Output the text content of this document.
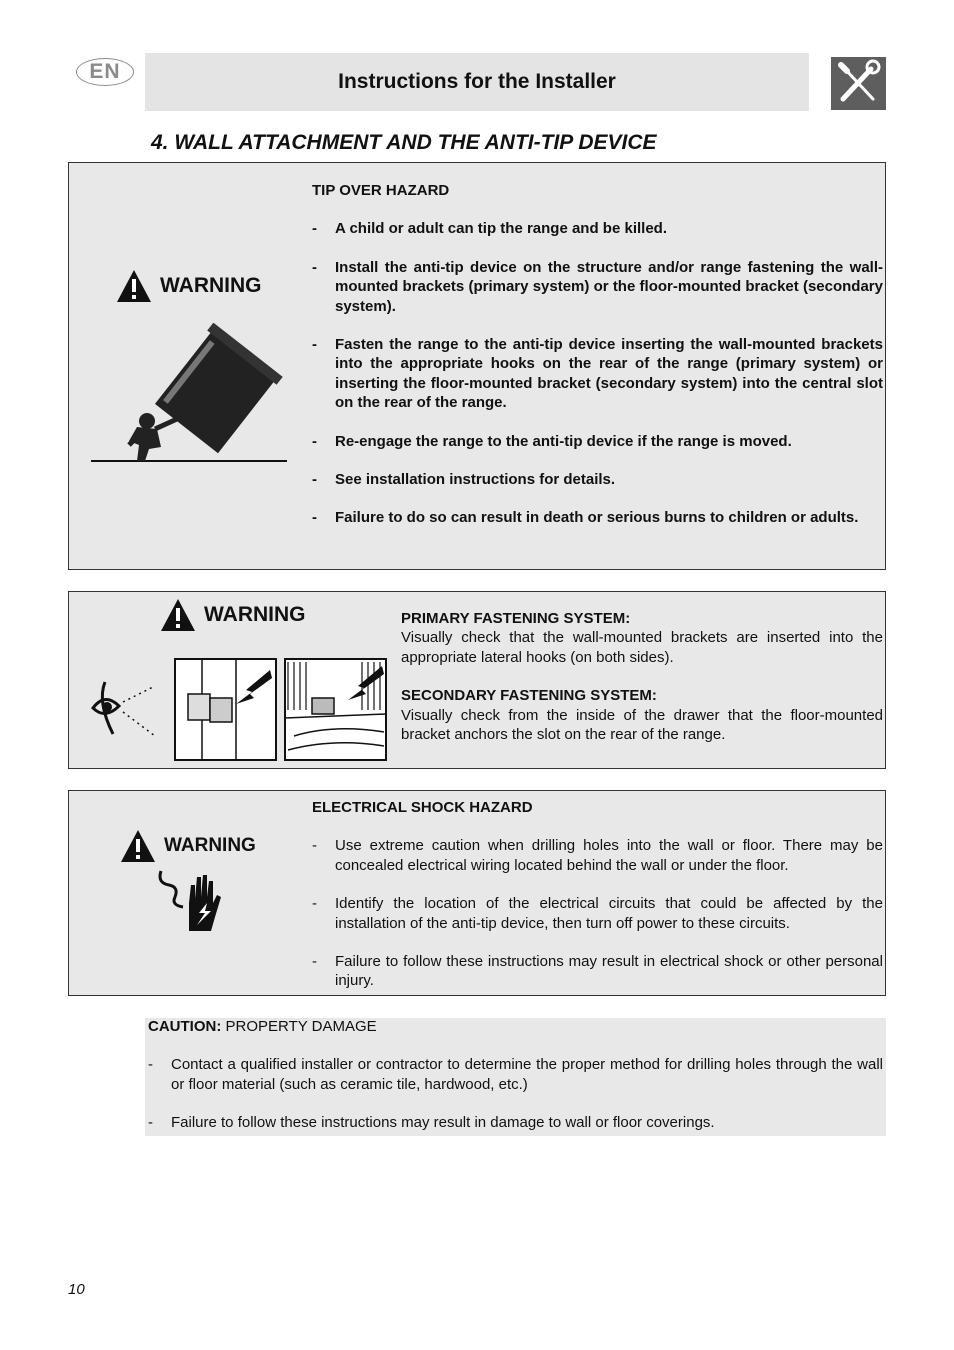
EN	Instructions for the Installer
4. WALL ATTACHMENT AND THE ANTI-TIP DEVICE
WARNING
TIP OVER HAZARD
- A child or adult can tip the range and be killed.
- Install the anti-tip device on the structure and/or range fastening the wall-mounted brackets (primary system) or the floor-mounted bracket (secondary system).
- Fasten the range to the anti-tip device inserting the wall-mounted brackets into the appropriate hooks on the rear of the range (primary system) or inserting the floor-mounted bracket (secondary system) into the central slot on the rear of the range.
- Re-engage the range to the anti-tip device if the range is moved.
- See installation instructions for details.
- Failure to do so can result in death or serious burns to children or adults.
WARNING	PRIMARY FASTENING SYSTEM:
Visually check that the wall-mounted brackets are inserted into the appropriate lateral hooks (on both sides).
SECONDARY FASTENING SYSTEM:
Visually check from the inside of the drawer that the floor-mounted bracket anchors the slot on the rear of the range.
WARNING
ELECTRICAL SHOCK HAZARD
- Use extreme caution when drilling holes into the wall or floor. There may be concealed electrical wiring located behind the wall or under the floor.
- Identify the location of the electrical circuits that could be affected by the installation of the anti-tip device, then turn off power to these circuits.
- Failure to follow these instructions may result in electrical shock or other personal injury.
CAUTION: PROPERTY DAMAGE
- Contact a qualified installer or contractor to determine the proper method for drilling holes through the wall or floor material (such as ceramic tile, hardwood, etc.)
- Failure to follow these instructions may result in damage to wall or floor coverings.
10
